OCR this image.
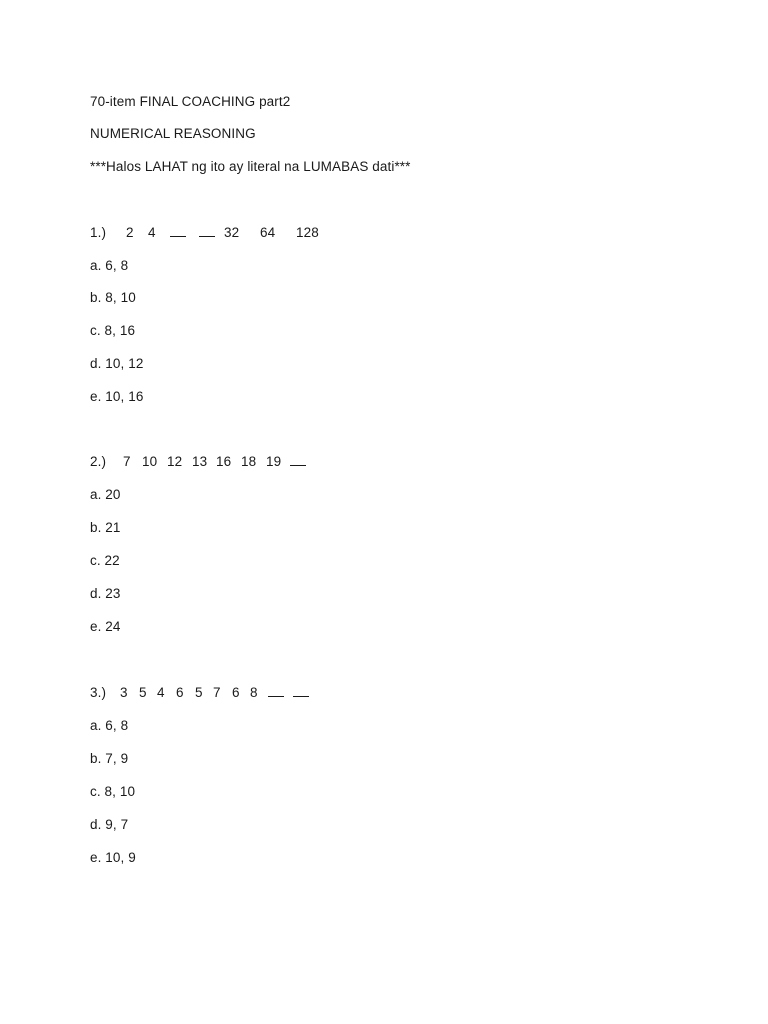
70-item FINAL COACHING part2
NUMERICAL REASONING
***Halos LAHAT ng ito ay literal na LUMABAS dati***
1.)	2	4	32	64	128
a. 6, 8
b. 8, 10
c. 8, 16
d. 10, 12
e. 10, 16
2.)	7 10 12 13 16 18 19
a. 20
b. 21
c. 22
d. 23
e. 24
3.)	3 5 4 6 5 7 6 8
a. 6, 8
b. 7, 9
c. 8, 10
d. 9, 7
e. 10, 9
